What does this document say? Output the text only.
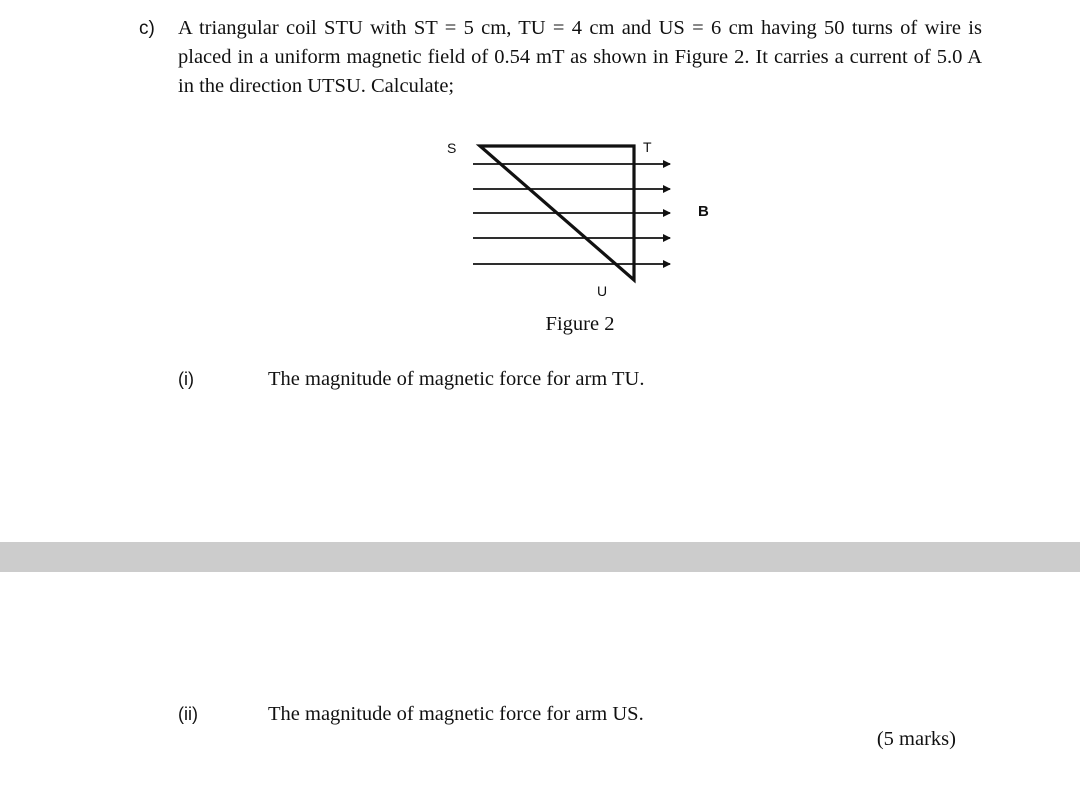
c) A triangular coil STU with ST = 5 cm, TU = 4 cm and US = 6 cm having 50 turns of wire is placed in a uniform magnetic field of 0.54 mT as shown in Figure 2. It carries a current of 5.0 A in the direction UTSU. Calculate;
S	T
U
B
Figure 2
(i)	The magnitude of magnetic force for arm TU.
(ii)	The magnitude of magnetic force for arm US.
(5 marks)
